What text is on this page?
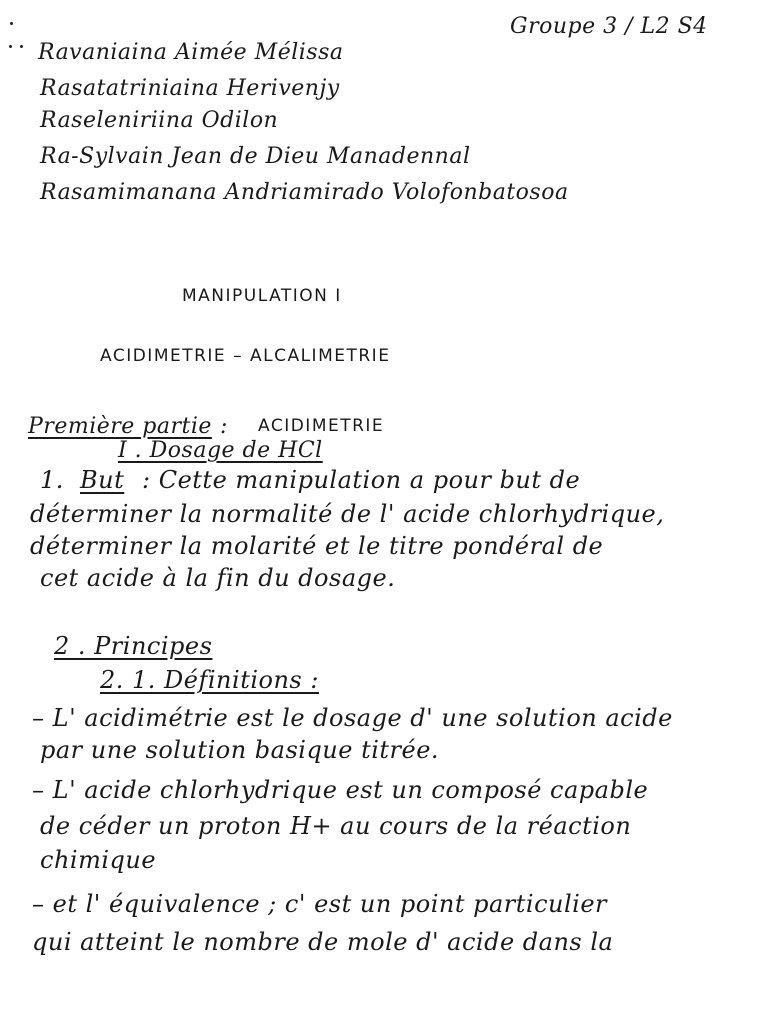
Groupe 3 / L2 S4
Ravaniaina Aimée Mélissa
Rasatatriniaina Herivenjy
Raseleniriina Odilon
Ra-Sylvain Jean de Dieu Manadennal
Rasamimanana Andriamirado Volofonbatosoa
MANIPULATION I
ACIDIMETRIE – ALCALIMETRIE
Première partie : ACIDIMETRIE
I . Dosage de HCl
1. But : Cette manipulation a pour but de
déterminer la normalité de l' acide chlorhydrique,
déterminer la molarité et le titre pondéral de
cet acide à la fin du dosage.
2 . Principes
2. 1. Définitions :
– L' acidimétrie est le dosage d' une solution acide
par une solution basique titrée.
– L' acide chlorhydrique est un composé capable
de céder un proton H+ au cours de la réaction
chimique
– et l' équivalence ; c' est un point particulier
qui atteint le nombre de mole d' acide dans la
